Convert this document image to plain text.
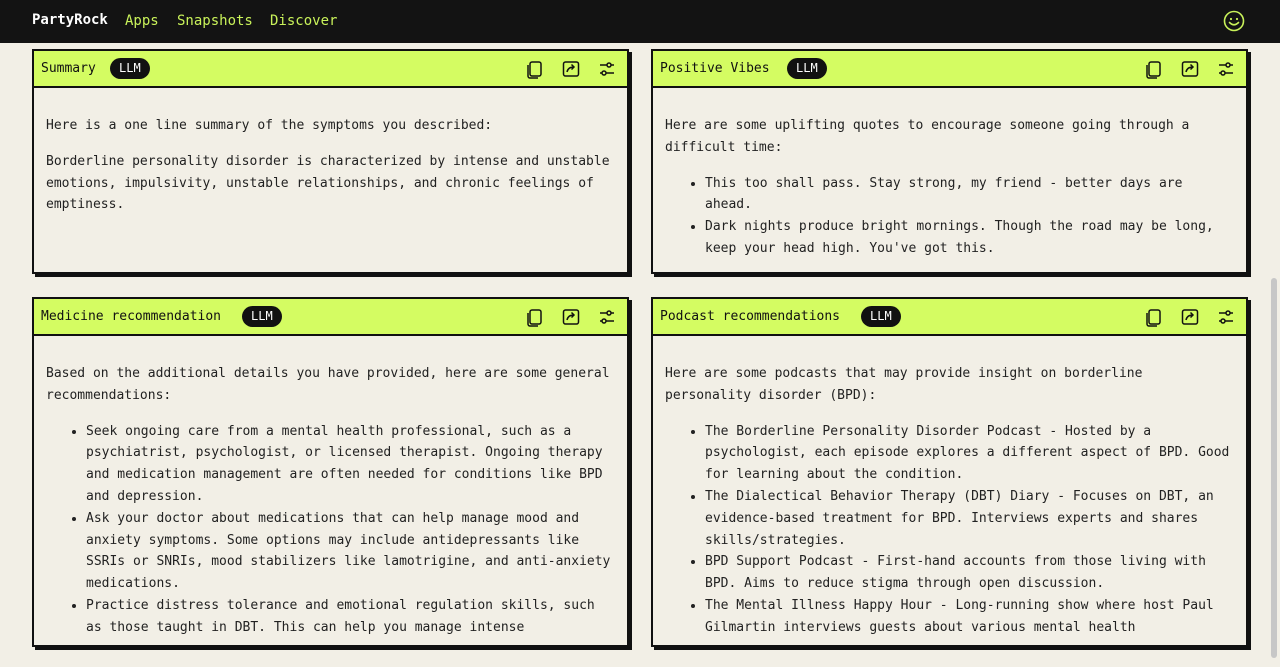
PartyRock Apps Snapshots Discover
Summary	LLM

Here is a one line summary of the symptoms you described:

Borderline personality disorder is characterized by intense and unstable emotions, impulsivity, unstable relationships, and chronic feelings of emptiness.

Positive Vibes	LLM

Here are some uplifting quotes to encourage someone going through a difficult time:

• This too shall pass. Stay strong, my friend - better days are ahead.
• Dark nights produce bright mornings. Though the road may be long, keep your head high. You've got this.
Medicine recommendation	LLM

Based on the additional details you have provided, here are some general recommendations:

• Seek ongoing care from a mental health professional, such as a psychiatrist, psychologist, or licensed therapist. Ongoing therapy and medication management are often needed for conditions like BPD and depression.
• Ask your doctor about medications that can help manage mood and anxiety symptoms. Some options may include antidepressants like SSRIs or SNRIs, mood stabilizers like lamotrigine, and anti-anxiety medications.
• Practice distress tolerance and emotional regulation skills, such as those taught in DBT. This can help you manage intense
Podcast recommendations	LLM

Here are some podcasts that may provide insight on borderline personality disorder (BPD):

• The Borderline Personality Disorder Podcast - Hosted by a psychologist, each episode explores a different aspect of BPD. Good for learning about the condition.
• The Dialectical Behavior Therapy (DBT) Diary - Focuses on DBT, an evidence-based treatment for BPD. Interviews experts and shares skills/strategies.
• BPD Support Podcast - First-hand accounts from those living with BPD. Aims to reduce stigma through open discussion.
• The Mental Illness Happy Hour - Long-running show where host Paul Gilmartin interviews guests about various mental health
